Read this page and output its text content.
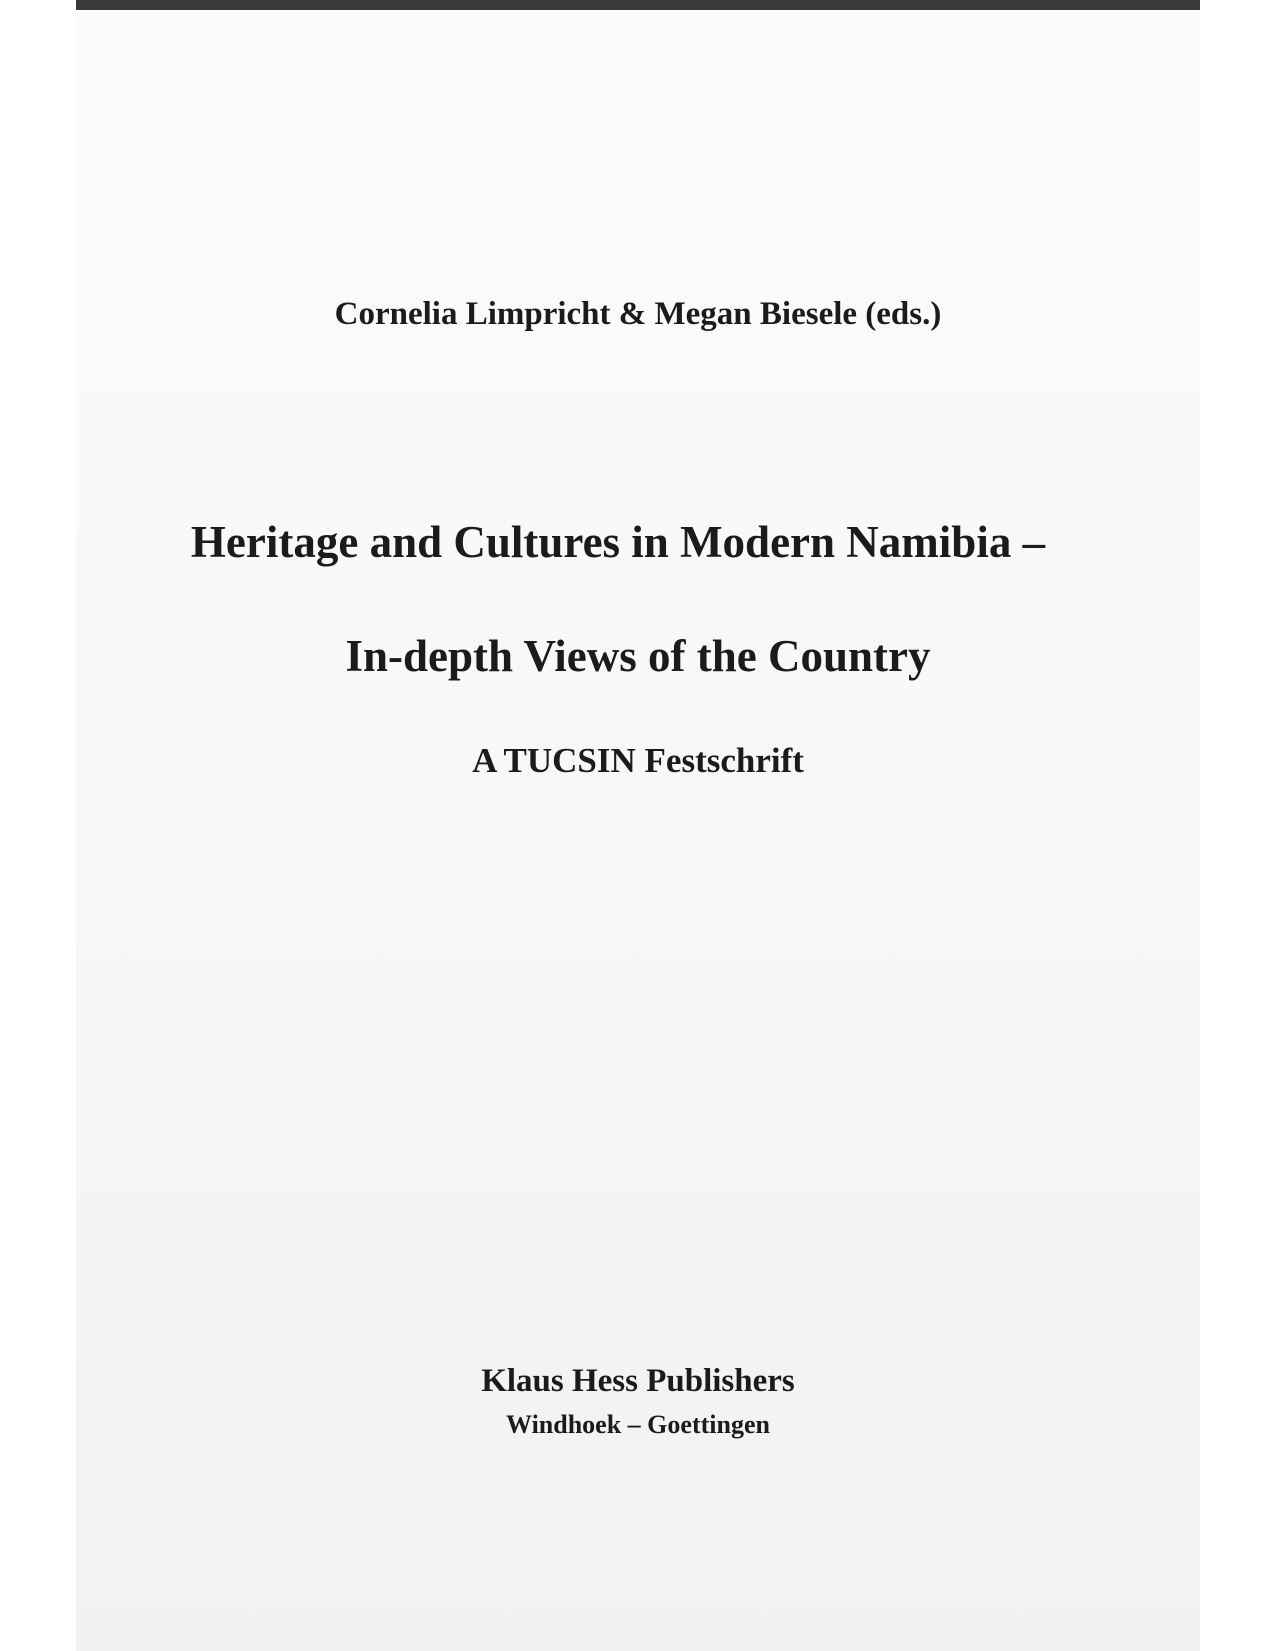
Cornelia Limpricht & Megan Biesele (eds.)
Heritage and Cultures in Modern Namibia –
In-depth Views of the Country
A TUCSIN Festschrift
Klaus Hess Publishers
Windhoek – Goettingen
